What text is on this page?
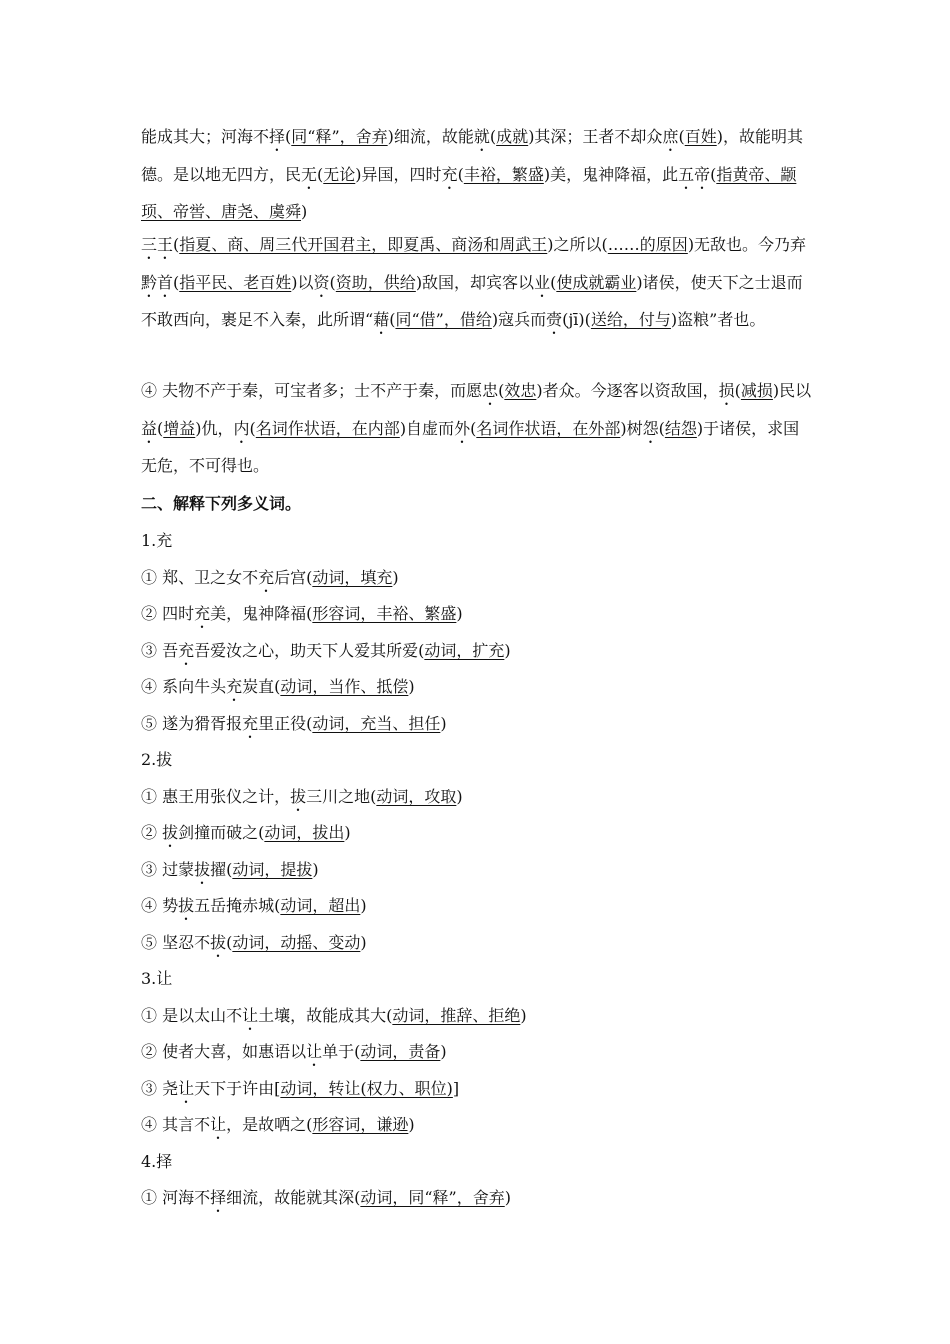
能成其大；河海不择(同“释”，舍弃)细流，故能就(成就)其深；王者不却众庶(百姓)，故能明其德。是以地无四方，民无(无论)异国，四时充(丰裕，繁盛)美，鬼神降福，此五帝(指黄帝、颛顼、帝喾、唐尧、虞舜)

三王(指夏、商、周三代开国君主，即夏禹、商汤和周武王)之所以(……的原因)无敌也。今乃弃黔首(指平民、老百姓)以资(资助，供给)敌国，却宾客以业(使成就霸业)诸侯，使天下之士退而不敢西向，裹足不入秦，此所谓“藉(同“借”，借给)寇兵而赍(jī)(送给，付与)盗粮”者也。

④ 夫物不产于秦，可宝者多；士不产于秦，而愿忠(效忠)者众。今逐客以资敌国，损(减损)民以益(增益)仇，内(名词作状语，在内部)自虚而外(名词作状语，在外部)树怨(结怨)于诸侯，求国无危，不可得也。

二、解释下列多义词。
1.充
① 郑、卫之女不充后宫(动词，填充)
② 四时充美，鬼神降福(形容词，丰裕、繁盛)
③ 吾充吾爱汝之心，助天下人爱其所爱(动词，扩充)
④ 系向牛头充炭直(动词，当作、抵偿)
⑤ 遂为猾胥报充里正役(动词，充当、担任)
2.拔
① 惠王用张仪之计，拔三川之地(动词，攻取)
② 拔剑撞而破之(动词，拔出)
③ 过蒙拔擢(动词，提拔)
④ 势拔五岳掩赤城(动词，超出)
⑤ 坚忍不拔(动词，动摇、变动)
3.让
① 是以太山不让土壤，故能成其大(动词，推辞、拒绝)
② 使者大喜，如惠语以让单于(动词，责备)
③ 尧让天下于许由[动词，转让(权力、职位)]
④ 其言不让，是故哂之(形容词，谦逊)
4.择
① 河海不择细流，故能就其深(动词，同“释”，舍弃)
